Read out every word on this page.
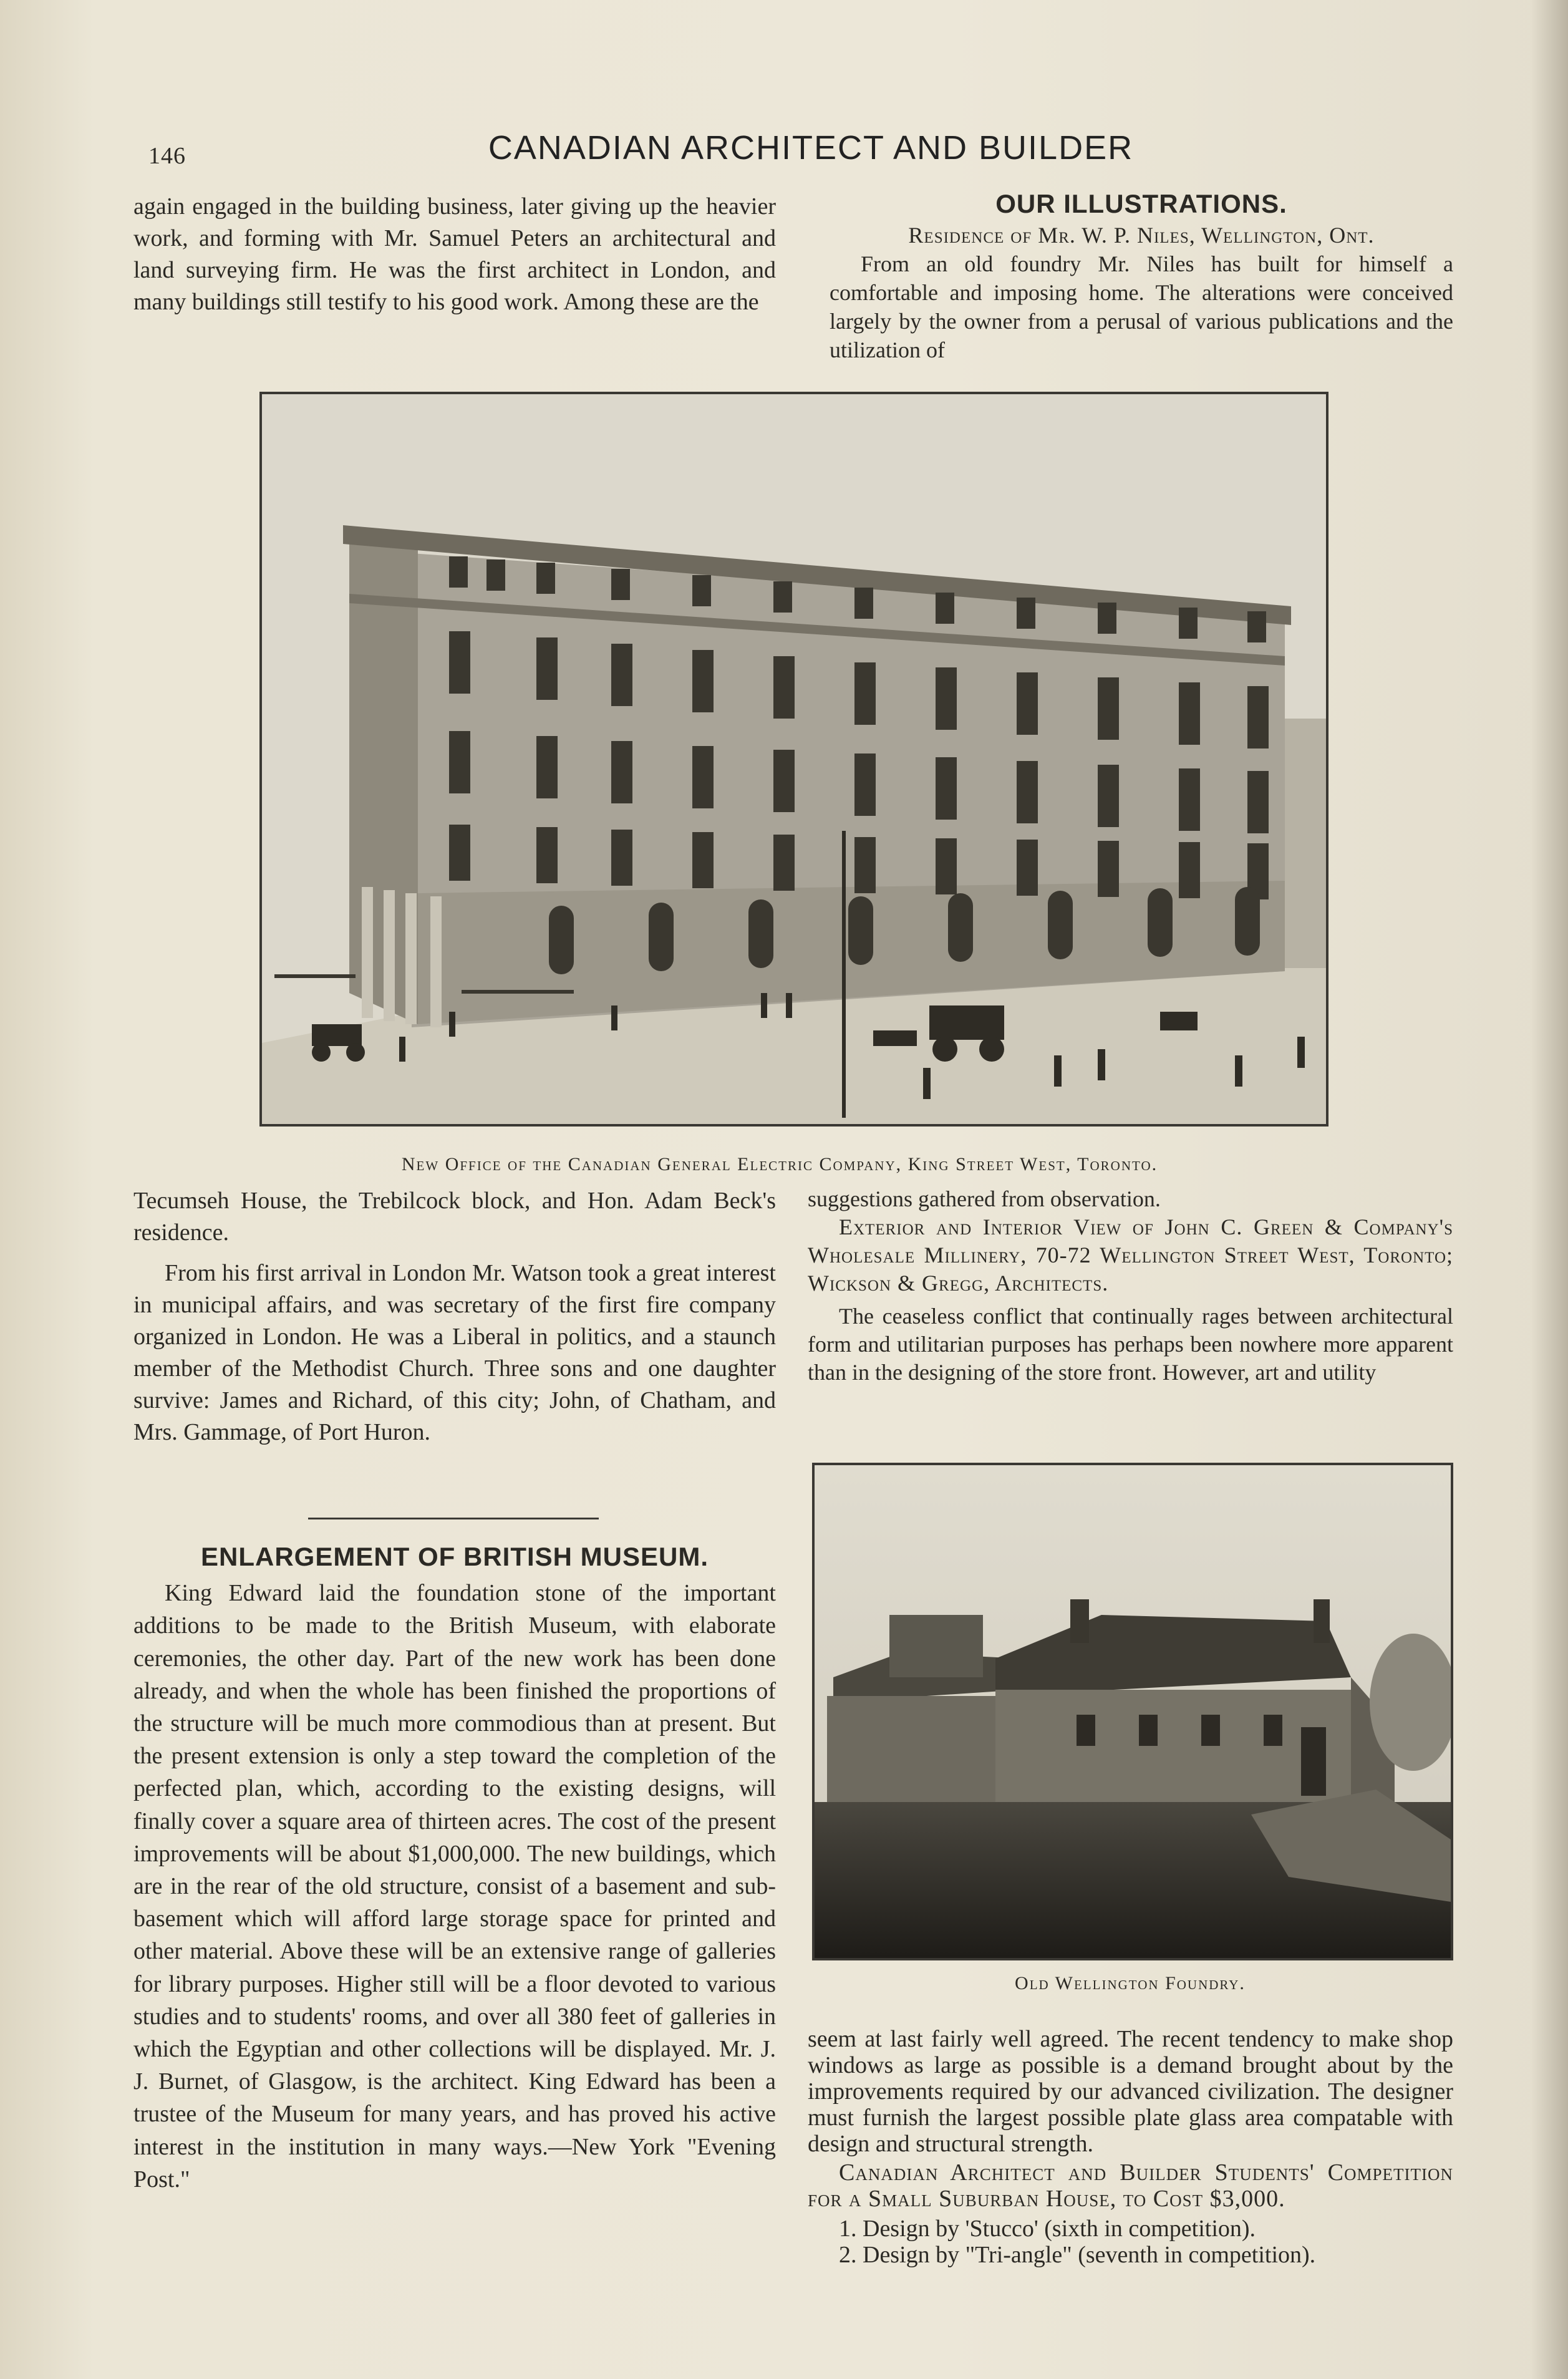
146	CANADIAN ARCHITECT AND BUILDER

again engaged in the building business, later giving up the heavier work, and forming with Mr. Samuel Peters an architectural and land surveying firm. He was the first architect in London, and many buildings still testify to his good work. Among these are the

OUR ILLUSTRATIONS.

Residence of Mr. W. P. Niles, Wellington, Ont.

From an old foundry Mr. Niles has built for himself a comfortable and imposing home. The alterations were conceived largely by the owner from a perusal of various publications and the utilization of

New Office of the Canadian General Electric Company, King Street West, Toronto.

Tecumseh House, the Trebilcock block, and Hon. Adam Beck's residence.

From his first arrival in London Mr. Watson took a great interest in municipal affairs, and was secretary of the first fire company organized in London. He was a Liberal in politics, and a staunch member of the Methodist Church. Three sons and one daughter survive: James and Richard, of this city; John, of Chatham, and Mrs. Gammage, of Port Huron.

suggestions gathered from observation.

Exterior and Interior View of John C. Green & Company's Wholesale Millinery, 70-72 Wellington Street West, Toronto; Wickson & Gregg, Architects.

The ceaseless conflict that continually rages between architectural form and utilitarian purposes has perhaps been nowhere more apparent than in the designing of the store front. However, art and utility

ENLARGEMENT OF BRITISH MUSEUM.

King Edward laid the foundation stone of the important additions to be made to the British Museum, with elaborate ceremonies, the other day. Part of the new work has been done already, and when the whole has been finished the proportions of the structure will be much more commodious than at present. But the present extension is only a step toward the completion of the perfected plan, which, according to the existing designs, will finally cover a square area of thirteen acres. The cost of the present improvements will be about $1,000,000. The new buildings, which are in the rear of the old structure, consist of a basement and sub-basement which will afford large storage space for printed and other material. Above these will be an extensive range of galleries for library purposes. Higher still will be a floor devoted to various studies and to students' rooms, and over all 380 feet of galleries in which the Egyptian and other collections will be displayed. Mr. J. J. Burnet, of Glasgow, is the architect. King Edward has been a trustee of the Museum for many years, and has proved his active interest in the institution in many ways.—New York "Evening Post."

Old Wellington Foundry.

seem at last fairly well agreed. The recent tendency to make shop windows as large as possible is a demand brought about by the improvements required by our advanced civilization. The designer must furnish the largest possible plate glass area compatable with design and structural strength.

Canadian Architect and Builder Students' Competition for a Small Suburban House, to Cost $3,000.

1. Design by 'Stucco' (sixth in competition).

2. Design by "Tri-angle" (seventh in competition).
